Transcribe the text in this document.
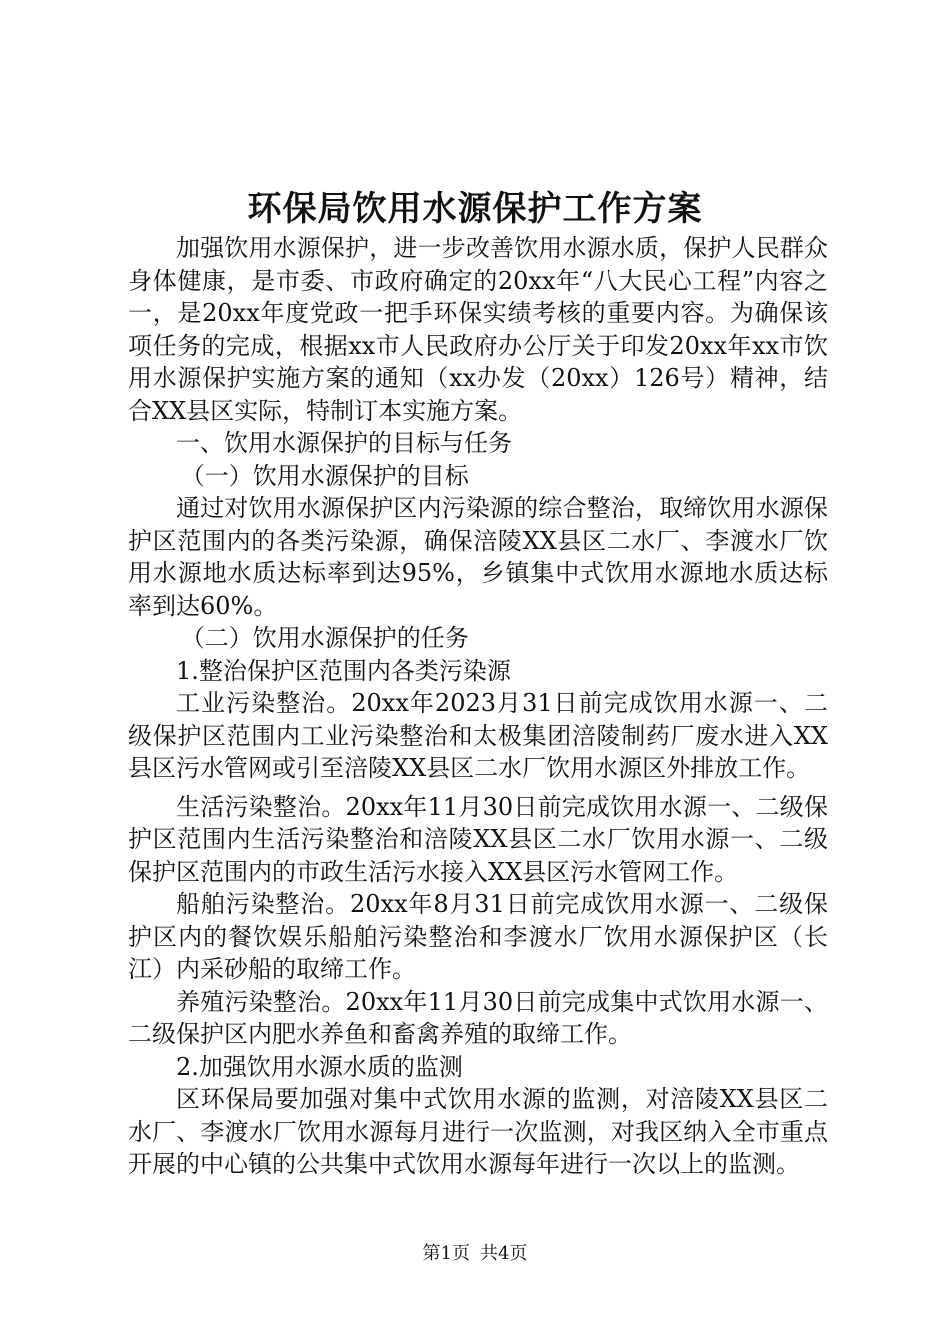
环保局饮用水源保护工作方案

加强饮用水源保护，进一步改善饮用水源水质，保护人民群众身体健康，是市委、市政府确定的20xx年“八大民心工程”内容之一，是20xx年度党政一把手环保实绩考核的重要内容。为确保该项任务的完成，根据xx市人民政府办公厅关于印发20xx年xx市饮用水源保护实施方案的通知（xx办发（20xx）126号）精神，结合XX县区实际，特制订本实施方案。

一、饮用水源保护的目标与任务

（一）饮用水源保护的目标

通过对饮用水源保护区内污染源的综合整治，取缔饮用水源保护区范围内的各类污染源，确保涪陵XX县区二水厂、李渡水厂饮用水源地水质达标率到达95%，乡镇集中式饮用水源地水质达标率到达60%。

（二）饮用水源保护的任务

1.整治保护区范围内各类污染源

工业污染整治。20xx年2023月31日前完成饮用水源一、二级保护区范围内工业污染整治和太极集团涪陵制药厂废水进入XX县区污水管网或引至涪陵XX县区二水厂饮用水源区外排放工作。

生活污染整治。20xx年11月30日前完成饮用水源一、二级保护区范围内生活污染整治和涪陵XX县区二水厂饮用水源一、二级保护区范围内的市政生活污水接入XX县区污水管网工作。

船舶污染整治。20xx年8月31日前完成饮用水源一、二级保护区内的餐饮娱乐船舶污染整治和李渡水厂饮用水源保护区（长江）内采砂船的取缔工作。

养殖污染整治。20xx年11月30日前完成集中式饮用水源一、二级保护区内肥水养鱼和畜禽养殖的取缔工作。

2.加强饮用水源水质的监测

区环保局要加强对集中式饮用水源的监测，对涪陵XX县区二水厂、李渡水厂饮用水源每月进行一次监测，对我区纳入全市重点开展的中心镇的公共集中式饮用水源每年进行一次以上的监测。

第1页 共4页
